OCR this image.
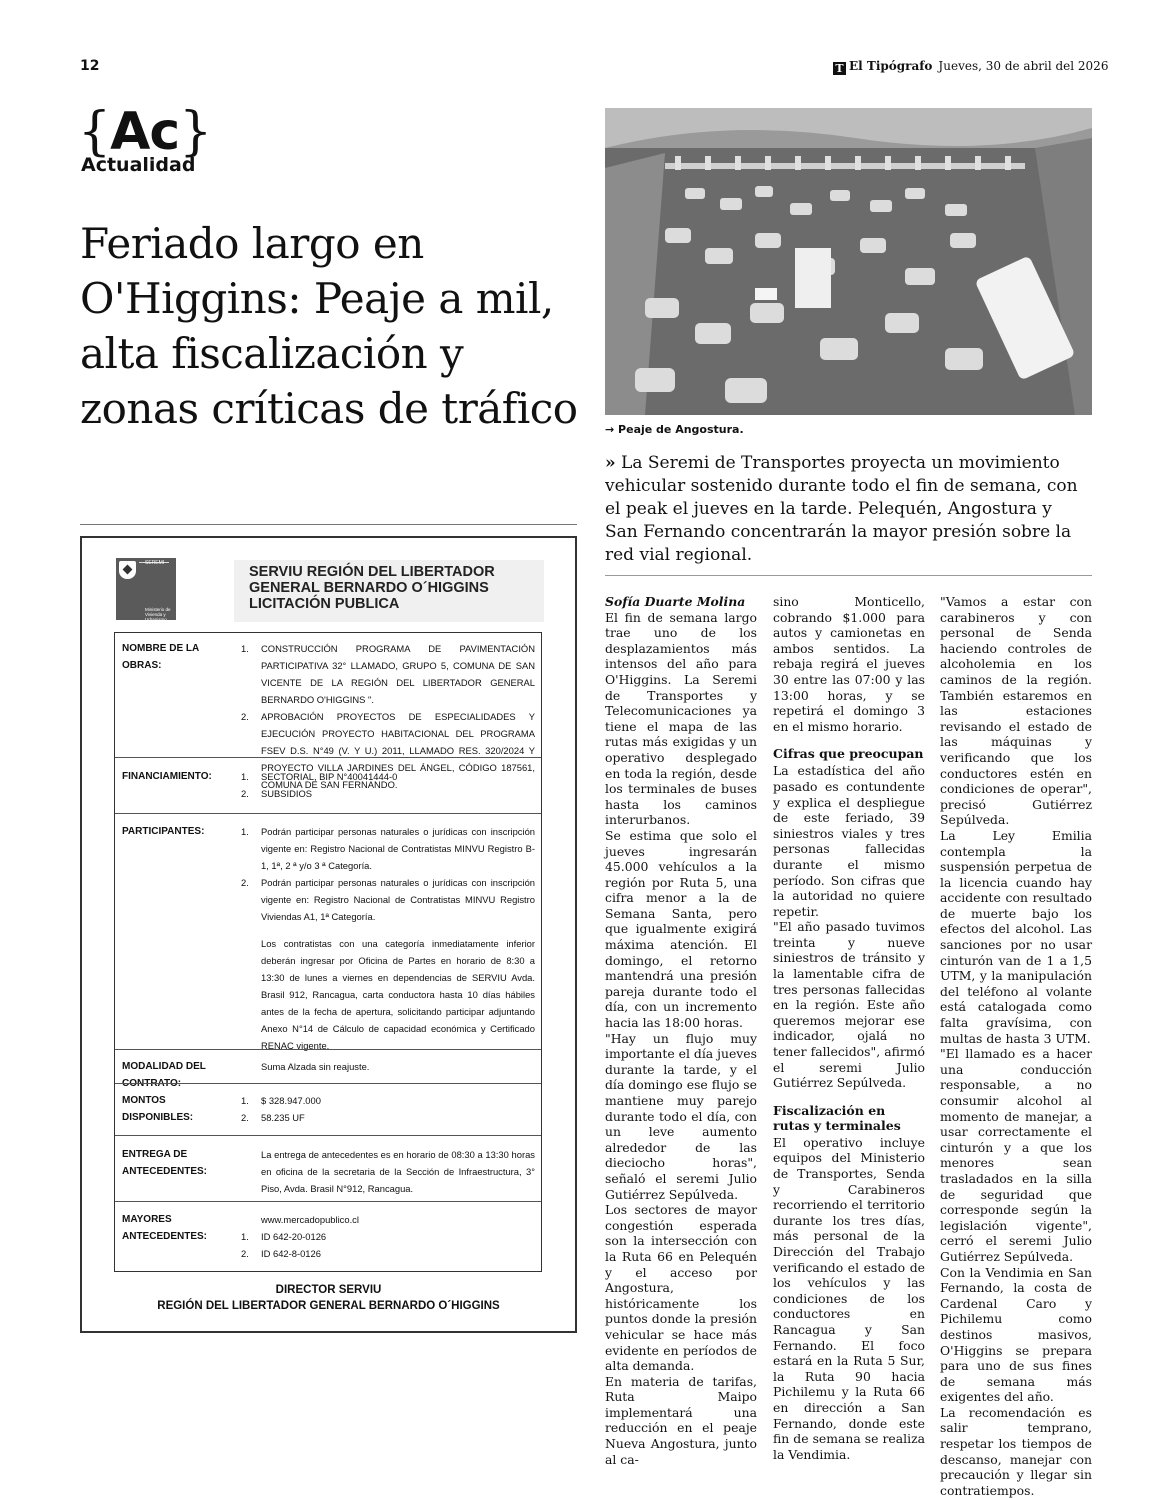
12	T El Tipógrafo Jueves, 30 de abril del 2026
{Ac}
Actualidad
Feriado largo en O'Higgins: Peaje a mil, alta fiscalización y zonas críticas de tráfico → Peaje de Angostura.
» La Seremi de Transportes proyecta un movimiento vehicular sostenido durante todo el fin de semana, con el peak el jueves en la tarde. Pelequén, Angostura y San Fernando concentrarán la mayor presión sobre la red vial regional.

Sofía Duarte Molina

El fin de semana largo trae uno de los desplazamientos más intensos del año para O'Higgins. La Seremi de Transportes y Telecomunicaciones ya tiene el mapa de las rutas más exigidas y un operativo desplegado en toda la región, desde los terminales de buses hasta los caminos interurbanos.

Se estima que solo el jueves ingresarán 45.000 vehículos a la región por Ruta 5, una cifra menor a la de Semana Santa, pero que igualmente exigirá máxima atención. El domingo, el retorno mantendrá una presión pareja durante todo el día, con un incremento hacia las 18:00 horas.

"Hay un flujo muy importante el día jueves durante la tarde, y el día domingo ese flujo se mantiene muy parejo durante todo el día, con un leve aumento alrededor de las dieciocho horas", señaló el seremi Julio Gutiérrez Sepúlveda.

Los sectores de mayor congestión esperada son la intersección con la Ruta 66 en Pelequén y el acceso por Angostura, históricamente los puntos donde la presión vehicular se hace más evidente en períodos de alta demanda.

En materia de tarifas, Ruta Maipo implementará una reducción en el peaje Nueva Angostura, junto al ca-

sino Monticello, cobrando $1.000 para autos y camionetas en ambos sentidos. La rebaja regirá el jueves 30 entre las 07:00 y las 13:00 horas, y se repetirá el domingo 3 en el mismo horario.

Cifras que preocupan

La estadística del año pasado es contundente y explica el despliegue de este feriado, 39 siniestros viales y tres personas fallecidas durante el mismo período. Son cifras que la autoridad no quiere repetir.

"El año pasado tuvimos treinta y nueve siniestros de tránsito y la lamentable cifra de tres personas fallecidas en la región. Este año queremos mejorar ese indicador, ojalá no tener fallecidos", afirmó el seremi Julio Gutiérrez Sepúlveda.

Fiscalización en rutas y terminales

El operativo incluye equipos del Ministerio de Transportes, Senda y Carabineros recorriendo el territorio durante los tres días, más personal de la Dirección del Trabajo verificando el estado de los vehículos y las condiciones de los conductores en Rancagua y San Fernando. El foco estará en la Ruta 5 Sur, la Ruta 90 hacia Pichilemu y la Ruta 66 en dirección a San Fernando, donde este fin de semana se realiza la Vendimia.

"Vamos a estar con carabineros y con personal de Senda haciendo controles de alcoholemia en los caminos de la región. También estaremos en las estaciones revisando el estado de las máquinas y verificando que los conductores estén en condiciones de operar", precisó Gutiérrez Sepúlveda.

La Ley Emilia contempla la suspensión perpetua de la licencia cuando hay accidente con resultado de muerte bajo los efectos del alcohol. Las sanciones por no usar cinturón van de 1 a 1,5 UTM, y la manipulación del teléfono al volante está catalogada como falta gravísima, con multas de hasta 3 UTM.

"El llamado es a hacer una conducción responsable, a no consumir alcohol al momento de manejar, a usar correctamente el cinturón y a que los menores sean trasladados en la silla de seguridad que corresponde según la legislación vigente", cerró el seremi Julio Gutiérrez Sepúlveda.

Con la Vendimia en San Fernando, la costa de Cardenal Caro y Pichilemu como destinos masivos, O'Higgins se prepara para uno de sus fines de semana más exigentes del año.

La recomendación es salir temprano, respetar los tiempos de descanso, manejar con precaución y llegar sin contratiempos.

SEREMI
Ministerio de Vivienda y Urbanismo
SERVIU REGIÓN DEL LIBERTADOR
GENERAL BERNARDO O´HIGGINS
LICITACIÓN PUBLICA
NOMBRE DE LA OBRAS:
1. CONSTRUCCIÓN PROGRAMA DE PAVIMENTACIÓN PARTICIPATIVA 32° LLAMADO, GRUPO 5, COMUNA DE SAN VICENTE DE LA REGIÓN DEL LIBERTADOR GENERAL BERNARDO O'HIGGINS ".
2. APROBACIÓN PROYECTOS DE ESPECIALIDADES Y EJECUCIÓN PROYECTO HABITACIONAL DEL PROGRAMA FSEV D.S. N°49 (V. Y U.) 2011, LLAMADO RES. 320/2024 Y PROYECTO VILLA JARDINES DEL ÁNGEL, CÓDIGO 187561, COMUNA DE SAN FERNANDO.
FINANCIAMIENTO:	1. SECTORIAL, BIP N°40041444-0
2. SUBSIDIOS
PARTICIPANTES:	1. Podrán participar personas naturales o jurídicas con inscripción vigente en: Registro Nacional de Contratistas MINVU Registro B-1, 1ª, 2 ª y/o 3 ª Categoría.
2. Podrán participar personas naturales o jurídicas con inscripción vigente en: Registro Nacional de Contratistas MINVU Registro Viviendas A1, 1ª Categoría.
Los contratistas con una categoría inmediatamente inferior deberán ingresar por Oficina de Partes en horario de 8:30 a 13:30 de lunes a viernes en dependencias de SERVIU Avda. Brasil 912, Rancagua, carta conductora hasta 10 días hábiles antes de la fecha de apertura, solicitando participar adjuntando Anexo N°14 de Cálculo de capacidad económica y Certificado RENAC vigente.
MODALIDAD DEL CONTRATO:
Suma Alzada sin reajuste.
MONTOS DISPONIBLES:
1. $ 328.947.000
2. 58.235 UF
ENTREGA DE ANTECEDENTES:
La entrega de antecedentes es en horario de 08:30 a 13:30 horas en oficina de la secretaria de la Sección de Infraestructura, 3° Piso, Avda. Brasil N°912, Rancagua.
MAYORES ANTECEDENTES:
www.mercadopublico.cl
1. ID 642-20-0126
2. ID 642-8-0126
DIRECTOR SERVIU
REGIÓN DEL LIBERTADOR GENERAL BERNARDO O´HIGGINS
